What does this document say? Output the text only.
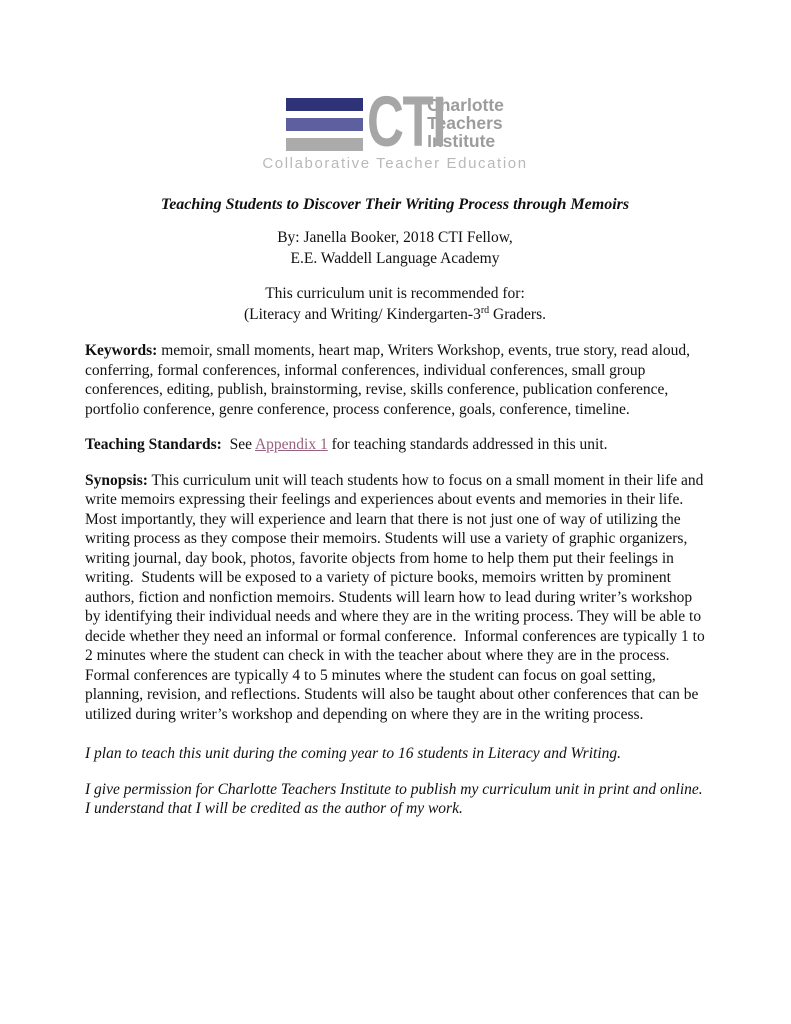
CTI
Charlotte
Teachers
Institute
Collaborative Teacher Education
Teaching Students to Discover Their Writing Process through Memoirs
By: Janella Booker, 2018 CTI Fellow,
E.E. Waddell Language Academy
This curriculum unit is recommended for:
(Literacy and Writing/ Kindergarten-3rd Graders.

Keywords: memoir, small moments, heart map, Writers Workshop, events, true story, read aloud, conferring, formal conferences, informal conferences, individual conferences, small group conferences, editing, publish, brainstorming, revise, skills conference, publication conference, portfolio conference, genre conference, process conference, goals, conference, timeline.

Teaching Standards:  See Appendix 1 for teaching standards addressed in this unit.

Synopsis: This curriculum unit will teach students how to focus on a small moment in their life and write memoirs expressing their feelings and experiences about events and memories in their life.  Most importantly, they will experience and learn that there is not just one of way of utilizing the writing process as they compose their memoirs. Students will use a variety of graphic organizers, writing journal, day book, photos, favorite objects from home to help them put their feelings in writing.  Students will be exposed to a variety of picture books, memoirs written by prominent authors, fiction and nonfiction memoirs. Students will learn how to lead during writer’s workshop by identifying their individual needs and where they are in the writing process. They will be able to decide whether they need an informal or formal conference.  Informal conferences are typically 1 to 2 minutes where the student can check in with the teacher about where they are in the process. Formal conferences are typically 4 to 5 minutes where the student can focus on goal setting, planning, revision, and reflections. Students will also be taught about other conferences that can be utilized during writer’s workshop and depending on where they are in the writing process.

I plan to teach this unit during the coming year to 16 students in Literacy and Writing.

I give permission for Charlotte Teachers Institute to publish my curriculum unit in print and online. I understand that I will be credited as the author of my work.
